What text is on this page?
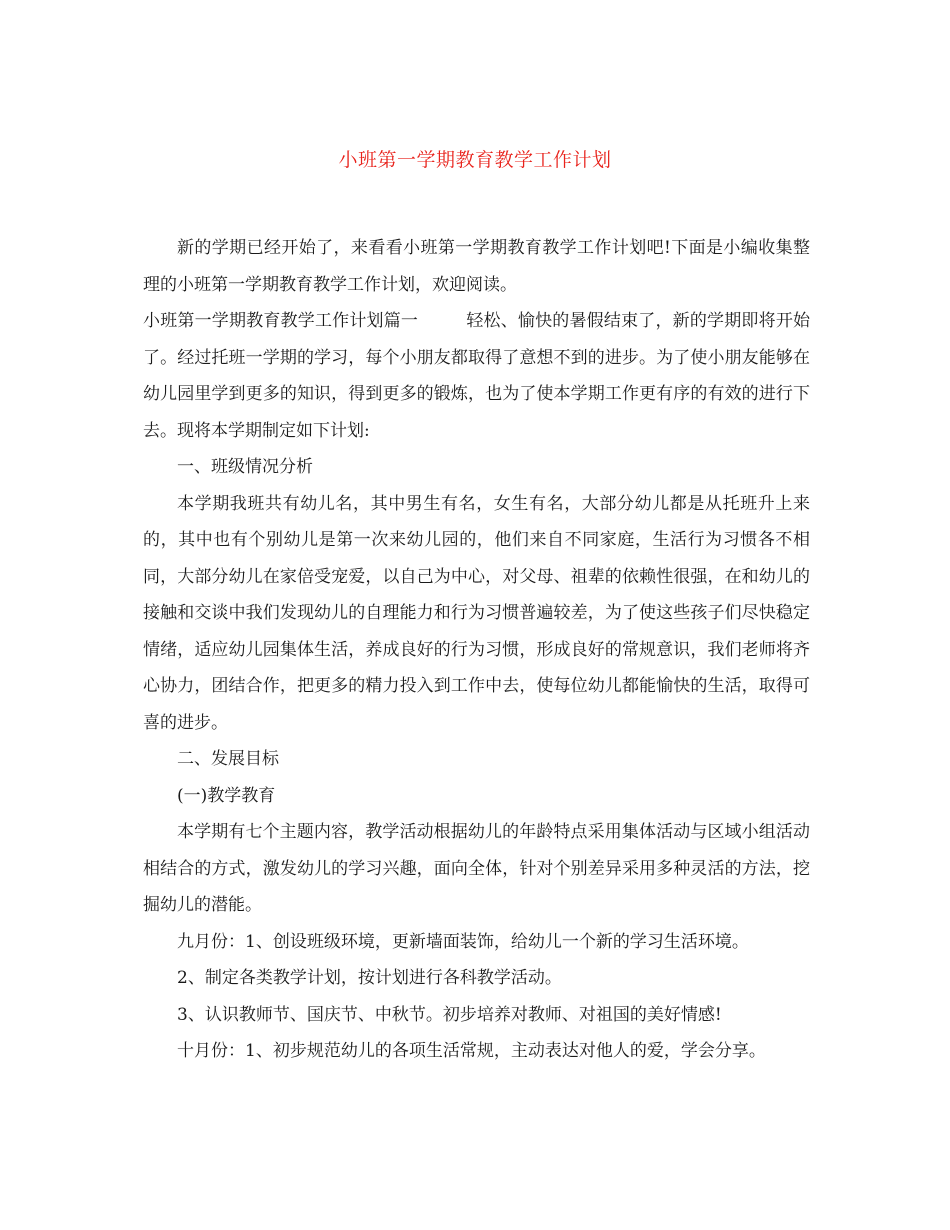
小班第一学期教育教学工作计划

新的学期已经开始了，来看看小班第一学期教育教学工作计划吧!下面是小编收集整理的小班第一学期教育教学工作计划，欢迎阅读。

小班第一学期教育教学工作计划篇一	轻松、愉快的暑假结束了，新的学期即将开始了。经过托班一学期的学习，每个小朋友都取得了意想不到的进步。为了使小朋友能够在幼儿园里学到更多的知识，得到更多的锻炼，也为了使本学期工作更有序的有效的进行下去。现将本学期制定如下计划:

一、班级情况分析

本学期我班共有幼儿名，其中男生有名，女生有名，大部分幼儿都是从托班升上来的，其中也有个别幼儿是第一次来幼儿园的，他们来自不同家庭，生活行为习惯各不相同，大部分幼儿在家倍受宠爱，以自己为中心，对父母、祖辈的依赖性很强，在和幼儿的接触和交谈中我们发现幼儿的自理能力和行为习惯普遍较差，为了使这些孩子们尽快稳定情绪，适应幼儿园集体生活，养成良好的行为习惯，形成良好的常规意识，我们老师将齐心协力，团结合作，把更多的精力投入到工作中去，使每位幼儿都能愉快的生活，取得可喜的进步。

二、发展目标

(一)教学教育

本学期有七个主题内容，教学活动根据幼儿的年龄特点采用集体活动与区域小组活动相结合的方式，激发幼儿的学习兴趣，面向全体，针对个别差异采用多种灵活的方法，挖掘幼儿的潜能。

九月份：1、创设班级环境，更新墙面装饰，给幼儿一个新的学习生活环境。

2、制定各类教学计划，按计划进行各科教学活动。

3、认识教师节、国庆节、中秋节。初步培养对教师、对祖国的美好情感!

十月份：1、初步规范幼儿的各项生活常规，主动表达对他人的爱，学会分享。
